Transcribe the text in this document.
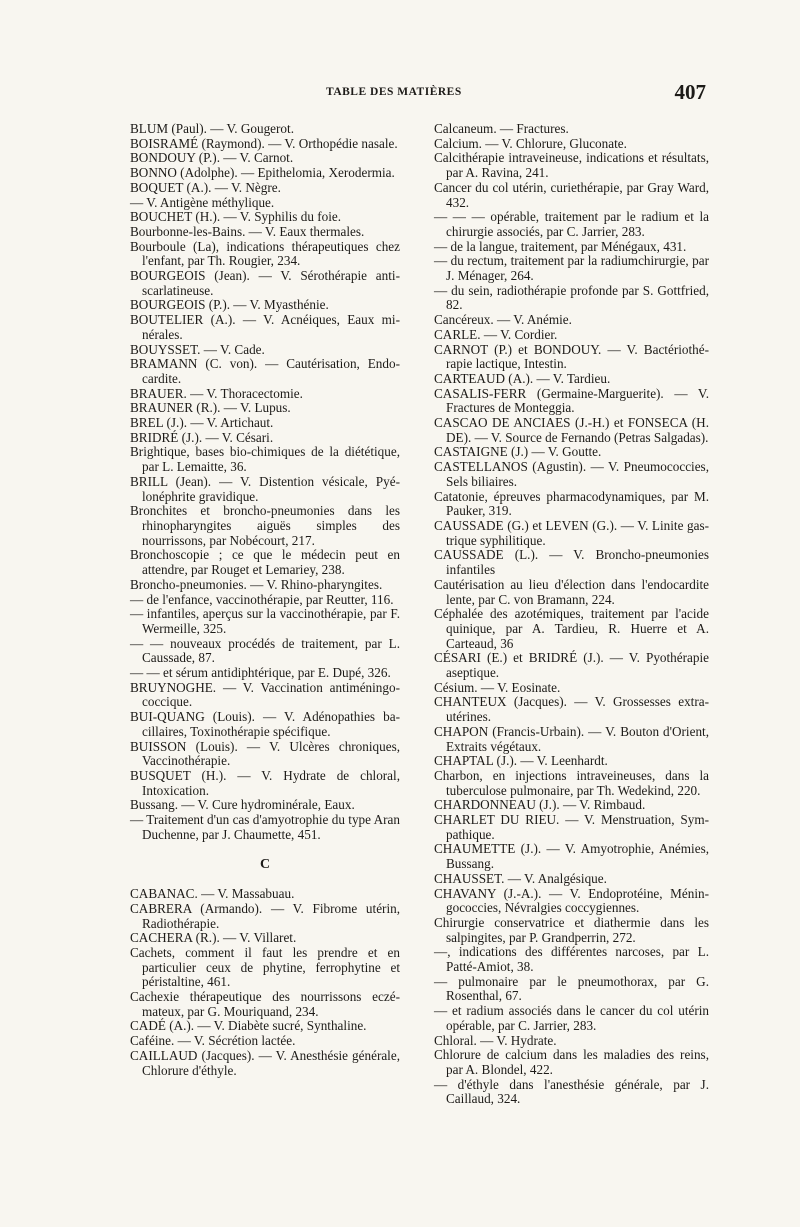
TABLE DES MATIÈRES	407

BLUM (Paul). — V. Gougerot.

BOISRAMÉ (Raymond). — V. Orthopédie nasale.

BONDOUY (P.). — V. Carnot.

BONNO (Adolphe). — Epithelomia, Xerodermia.

BOQUET (A.). — V. Nègre.

— V. Antigène méthylique.

BOUCHET (H.). — V. Syphilis du foie.

Bourbonne-les-Bains. — V. Eaux thermales.

Bourboule (La), indications thérapeutiques chez l'enfant, par Th. Rougier, 234.

BOURGEOIS (Jean). — V. Sérothérapie antiscarlatineuse.

BOURGEOIS (P.). — V. Myasthénie.

BOUTELIER (A.). — V. Acnéiques, Eaux minérales.

BOUYSSET. — V. Cade.

BRAMANN (C. von). — Cautérisation, Endocardite.

BRAUER. — V. Thoracectomie.

BRAUNER (R.). — V. Lupus.

BREL (J.). — V. Artichaut.

BRIDRÉ (J.). — V. Césari.

Brightique, bases bio-chimiques de la diététique, par L. Lemaitte, 36.

BRILL (Jean). — V. Distention vésicale, Pyélonéphrite gravidique.

Bronchites et broncho-pneumonies dans les rhinopharyngites aiguës simples des nourrissons, par Nobécourt, 217.

Bronchoscopie ; ce que le médecin peut en attendre, par Rouget et Lemariey, 238.

Broncho-pneumonies. — V. Rhino-pharyngites.

— de l'enfance, vaccinothérapie, par Reutter, 116.

— infantiles, aperçus sur la vaccinothérapie, par F. Wermeille, 325.

— — nouveaux procédés de traitement, par L. Caussade, 87.

— — et sérum antidiphtérique, par E. Dupé, 326.

BRUYNOGHE. — V. Vaccination antiméningococcique.

BUI-QUANG (Louis). — V. Adénopathies bacillaires, Toxinothérapie spécifique.

BUISSON (Louis). — V. Ulcères chroniques, Vaccinothérapie.

BUSQUET (H.). — V. Hydrate de chloral, Intoxication.

Bussang. — V. Cure hydrominérale, Eaux.

— Traitement d'un cas d'amyotrophie du type Aran Duchenne, par J. Chaumette, 451.

C

CABANAC. — V. Massabuau.

CABRERA (Armando). — V. Fibrome utérin, Radiothérapie.

CACHERA (R.). — V. Villaret.

Cachets, comment il faut les prendre et en particulier ceux de phytine, ferrophytine et péristaltine, 461.

Cachexie thérapeutique des nourrissons eczémateux, par G. Mouriquand, 234.

CADÉ (A.). — V. Diabète sucré, Synthaline.

Caféine. — V. Sécrétion lactée.

CAILLAUD (Jacques). — V. Anesthésie générale, Chlorure d'éthyle.

Calcaneum. — Fractures.

Calcium. — V. Chlorure, Gluconate.

Calcithérapie intraveineuse, indications et résultats, par A. Ravina, 241.

Cancer du col utérin, curiethérapie, par Gray Ward, 432.

— — — opérable, traitement par le radium et la chirurgie associés, par C. Jarrier, 283.

— de la langue, traitement, par Ménégaux, 431.

— du rectum, traitement par la radiumchirurgie, par J. Ménager, 264.

— du sein, radiothérapie profonde par S. Gottfried, 82.

Cancéreux. — V. Anémie.

CARLE. — V. Cordier.

CARNOT (P.) et BONDOUY. — V. Bactériothérapie lactique, Intestin.

CARTEAUD (A.). — V. Tardieu.

CASALIS-FERR (Germaine-Marguerite). — V. Fractures de Monteggia.

CASCAO DE ANCIAES (J.-H.) et FONSECA (H. DE). — V. Source de Fernando (Petras Salgadas).

CASTAIGNE (J.) — V. Goutte.

CASTELLANOS (Agustin). — V. Pneumococcies, Sels biliaires.

Catatonie, épreuves pharmacodynamiques, par M. Pauker, 319.

CAUSSADE (G.) et LEVEN (G.). — V. Linite gastrique syphilitique.

CAUSSADE (L.). — V. Broncho-pneumonies infantiles

Cautérisation au lieu d'élection dans l'endocardite lente, par C. von Bramann, 224.

Céphalée des azotémiques, traitement par l'acide quinique, par A. Tardieu, R. Huerre et A. Carteaud, 36

CÉSARI (E.) et BRIDRÉ (J.). — V. Pyothérapie aseptique.

Césium. — V. Eosinate.

CHANTEUX (Jacques). — V. Grossesses extrautérines.

CHAPON (Francis-Urbain). — V. Bouton d'Orient, Extraits végétaux.

CHAPTAL (J.). — V. Leenhardt.

Charbon, en injections intraveineuses, dans la tuberculose pulmonaire, par Th. Wedekind, 220.

CHARDONNEAU (J.). — V. Rimbaud.

CHARLET DU RIEU. — V. Menstruation, Sympathique.

CHAUMETTE (J.). — V. Amyotrophie, Anémies, Bussang.

CHAUSSET. — V. Analgésique.

CHAVANY (J.-A.). — V. Endoprotéine, Méningococcies, Névralgies coccygiennes.

Chirurgie conservatrice et diathermie dans les salpingites, par P. Grandperrin, 272.

—, indications des différentes narcoses, par L. Patté-Amiot, 38.

— pulmonaire par le pneumothorax, par G. Rosenthal, 67.

— et radium associés dans le cancer du col utérin opérable, par C. Jarrier, 283.

Chloral. — V. Hydrate.

Chlorure de calcium dans les maladies des reins, par A. Blondel, 422.

— d'éthyle dans l'anesthésie générale, par J. Caillaud, 324.
